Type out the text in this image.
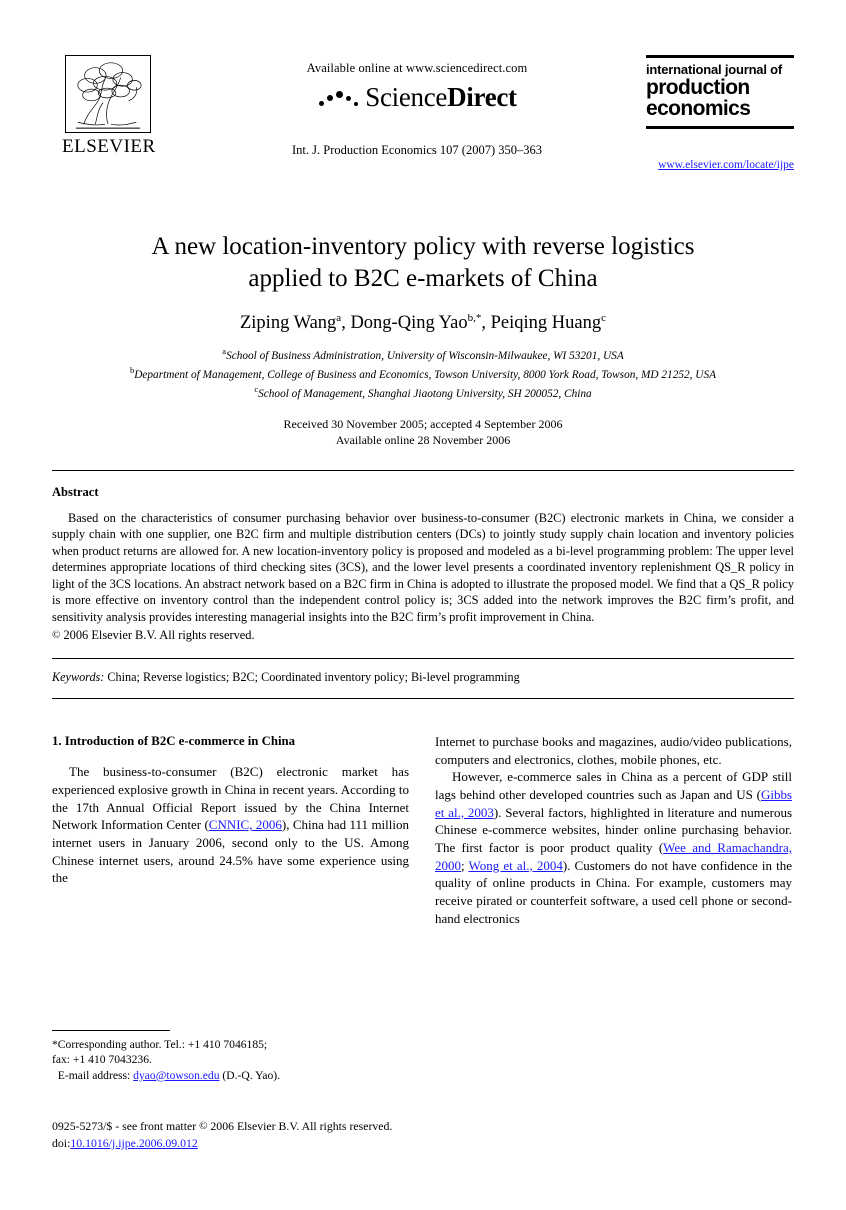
ELSEVIER
Available online at www.sciencedirect.com
ScienceDirect
Int. J. Production Economics 107 (2007) 350–363
international journal of
production
economics
www.elsevier.com/locate/ijpe
A new location-inventory policy with reverse logistics
applied to B2C e-markets of China
Ziping Wang$^a$, Dong-Qing Yao$^{b,*}$, Peiqing Huang$^c$
$^a$School of Business Administration, University of Wisconsin-Milwaukee, WI 53201, USA
$^b$Department of Management, College of Business and Economics, Towson University, 8000 York Road, Towson, MD 21252, USA
$^c$School of Management, Shanghai Jiaotong University, SH 200052, China
Received 30 November 2005; accepted 4 September 2006
Available online 28 November 2006
Abstract
Based on the characteristics of consumer purchasing behavior over business-to-consumer (B2C) electronic markets in China, we consider a supply chain with one supplier, one B2C firm and multiple distribution centers (DCs) to jointly study supply chain location and inventory policies when product returns are allowed for. A new location-inventory policy is proposed and modeled as a bi-level programming problem: The upper level determines appropriate locations of third checking sites (3CS), and the lower level presents a coordinated inventory replenishment QS_R policy in light of the 3CS locations. An abstract network based on a B2C firm in China is adopted to illustrate the proposed model. We find that a QS_R policy is more effective on inventory control than the independent control policy is; 3CS added into the network improves the B2C firm’s profit, and sensitivity analysis provides interesting managerial insights into the B2C firm’s profit improvement in China.
© 2006 Elsevier B.V. All rights reserved.
Keywords: China; Reverse logistics; B2C; Coordinated inventory policy; Bi-level programming
1. Introduction of B2C e-commerce in China

The business-to-consumer (B2C) electronic market has experienced explosive growth in China in recent years. According to the 17th Annual Official Report issued by the China Internet Network Information Center (CNNIC, 2006), China had 111 million internet users in January 2006, second only to the US. Among Chinese internet users, around 24.5% have some experience using the

Internet to purchase books and magazines, audio/video publications, computers and electronics, clothes, mobile phones, etc.

However, e-commerce sales in China as a percent of GDP still lags behind other developed countries such as Japan and US (Gibbs et al., 2003). Several factors, highlighted in literature and numerous Chinese e-commerce websites, hinder online purchasing behavior. The first factor is poor product quality (Wee and Ramachandra, 2000; Wong et al., 2004). Customers do not have confidence in the quality of online products in China. For example, customers may receive pirated or counterfeit software, a used cell phone or second-hand electronics

*Corresponding author. Tel.: +1 410 7046185;
fax: +1 410 7043236.
E-mail address: dyao@towson.edu (D.-Q. Yao).
0925-5273/$ - see front matter © 2006 Elsevier B.V. All rights reserved.
doi:10.1016/j.ijpe.2006.09.012
